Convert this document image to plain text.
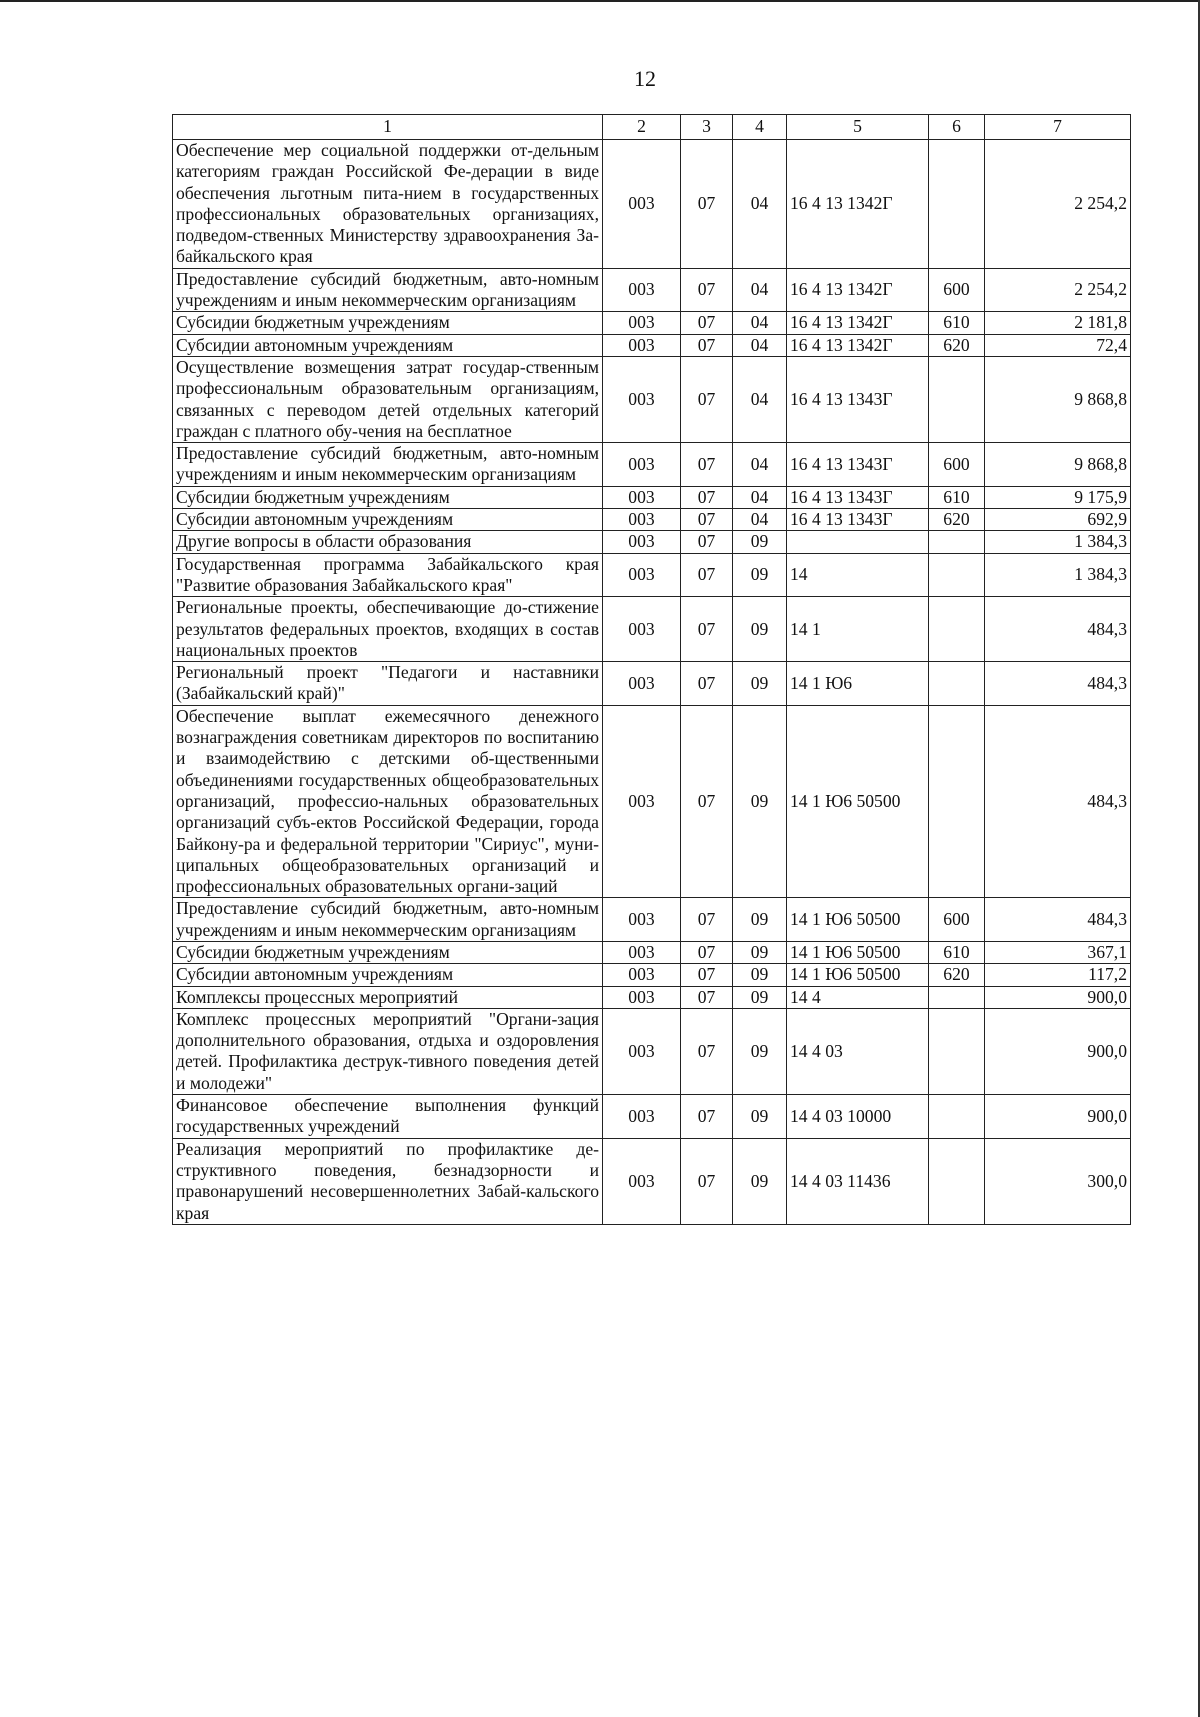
12
1	2	3	4	5	6	7
Обеспечение мер социальной поддержки от-дельным категориям граждан Российской Фе-дерации в виде обеспечения льготным пита-нием в государственных профессиональных образовательных организациях, подведом-ственных Министерству здравоохранения За-байкальского края	003	07	04	16 4 13 1342Г		2 254,2
Предоставление субсидий бюджетным, авто-номным учреждениям и иным некоммерческим организациям	003	07	04	16 4 13 1342Г	600	2 254,2
Субсидии бюджетным учреждениям	003	07	04	16 4 13 1342Г	610	2 181,8
Субсидии автономным учреждениям	003	07	04	16 4 13 1342Г	620	72,4
Осуществление возмещения затрат государ-ственным профессиональным образовательным организациям, связанных с переводом детей отдельных категорий граждан с платного обу-чения на бесплатное	003	07	04	16 4 13 1343Г		9 868,8
Предоставление субсидий бюджетным, авто-номным учреждениям и иным некоммерческим организациям	003	07	04	16 4 13 1343Г	600	9 868,8
Субсидии бюджетным учреждениям	003	07	04	16 4 13 1343Г	610	9 175,9
Субсидии автономным учреждениям	003	07	04	16 4 13 1343Г	620	692,9
Другие вопросы в области образования	003	07	09			1 384,3
Государственная программа Забайкальского края "Развитие образования Забайкальского края"	003	07	09	14		1 384,3
Региональные проекты, обеспечивающие до-стижение результатов федеральных проектов, входящих в состав национальных проектов	003	07	09	14 1		484,3
Региональный проект "Педагоги и наставники (Забайкальский край)"	003	07	09	14 1 Ю6		484,3
Обеспечение выплат ежемесячного денежного вознаграждения советникам директоров по воспитанию и взаимодействию с детскими об-щественными объединениями государственных общеобразовательных организаций, профессио-нальных образовательных организаций субъ-ектов Российской Федерации, города Байкону-ра и федеральной территории "Сириус", муни-ципальных общеобразовательных организаций и профессиональных образовательных органи-заций	003	07	09	14 1 Ю6 50500		484,3
Предоставление субсидий бюджетным, авто-номным учреждениям и иным некоммерческим организациям	003	07	09	14 1 Ю6 50500	600	484,3
Субсидии бюджетным учреждениям	003	07	09	14 1 Ю6 50500	610	367,1
Субсидии автономным учреждениям	003	07	09	14 1 Ю6 50500	620	117,2
Комплексы процессных мероприятий	003	07	09	14 4		900,0
Комплекс процессных мероприятий "Органи-зация дополнительного образования, отдыха и оздоровления детей. Профилактика деструк-тивного поведения детей и молодежи"	003	07	09	14 4 03		900,0
Финансовое обеспечение выполнения функций государственных учреждений	003	07	09	14 4 03 10000		900,0
Реализация мероприятий по профилактике де-структивного поведения, безнадзорности и правонарушений несовершеннолетних Забай-кальского края	003	07	09	14 4 03 11436		300,0
